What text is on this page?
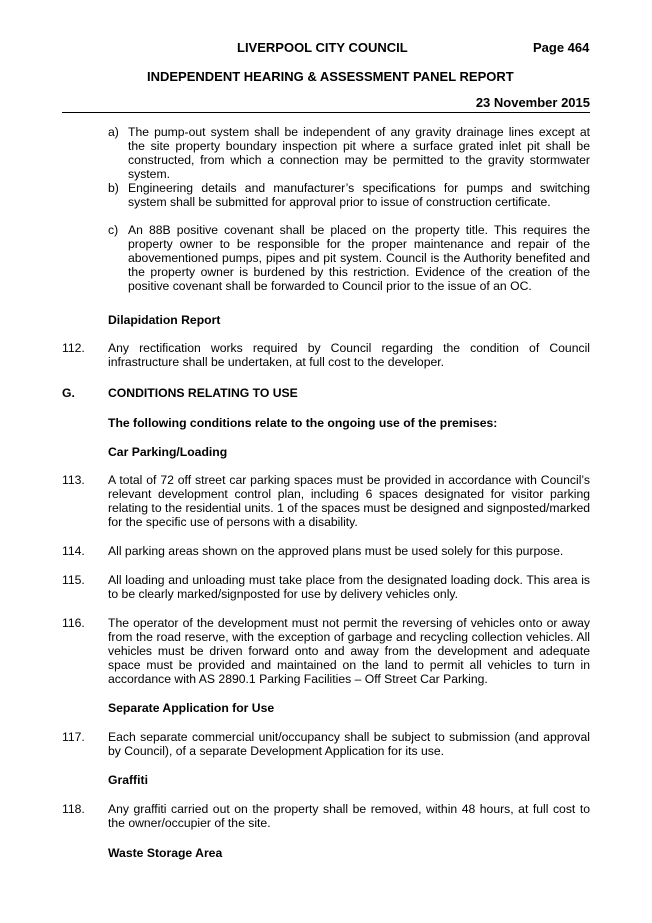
LIVERPOOL CITY COUNCIL	Page 464
INDEPENDENT HEARING & ASSESSMENT PANEL REPORT
23 November 2015
a) The pump-out system shall be independent of any gravity drainage lines except at the site property boundary inspection pit where a surface grated inlet pit shall be constructed, from which a connection may be permitted to the gravity stormwater system.
b) Engineering details and manufacturer’s specifications for pumps and switching system shall be submitted for approval prior to issue of construction certificate.
c) An 88B positive covenant shall be placed on the property title. This requires the property owner to be responsible for the proper maintenance and repair of the abovementioned pumps, pipes and pit system. Council is the Authority benefited and the property owner is burdened by this restriction. Evidence of the creation of the positive covenant shall be forwarded to Council prior to the issue of an OC.
Dilapidation Report
112.	Any rectification works required by Council regarding the condition of Council infrastructure shall be undertaken, at full cost to the developer.
G.	CONDITIONS RELATING TO USE
The following conditions relate to the ongoing use of the premises:
Car Parking/Loading
113.	A total of 72 off street car parking spaces must be provided in accordance with Council’s relevant development control plan, including 6 spaces designated for visitor parking relating to the residential units. 1 of the spaces must be designed and signposted/marked for the specific use of persons with a disability.
114.	All parking areas shown on the approved plans must be used solely for this purpose.
115.	All loading and unloading must take place from the designated loading dock. This area is to be clearly marked/signposted for use by delivery vehicles only.
116.	The operator of the development must not permit the reversing of vehicles onto or away from the road reserve, with the exception of garbage and recycling collection vehicles. All vehicles must be driven forward onto and away from the development and adequate space must be provided and maintained on the land to permit all vehicles to turn in accordance with AS 2890.1 Parking Facilities – Off Street Car Parking.
Separate Application for Use
117.	Each separate commercial unit/occupancy shall be subject to submission (and approval by Council), of a separate Development Application for its use.
Graffiti
118.	Any graffiti carried out on the property shall be removed, within 48 hours, at full cost to the owner/occupier of the site.
Waste Storage Area
